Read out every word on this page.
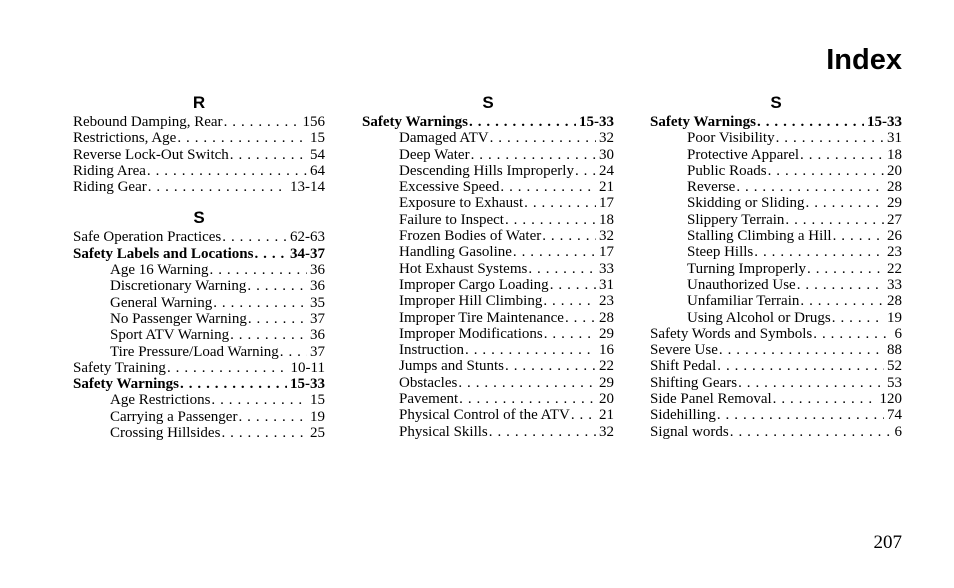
Index
R
Rebound Damping, Rear . . .	156
Restrictions, Age . . .	15
Reverse Lock-Out Switch . . .	54
Riding Area . . .	64
Riding Gear . . .	13-14
S
Safe Operation Practices . . .	62-63
Safety Labels and Locations . . . 34-37
Age 16 Warning . . .	36
Discretionary Warning . . .	36
General Warning . . .	35
No Passenger Warning . . .	37
Sport ATV Warning . . .	36
Tire Pressure/Load Warning . . . 37
Safety Training . . .	10-11
Safety Warnings . . .	15-33
Age Restrictions . . .	15
Carrying a Passenger . . .	19
Crossing Hillsides . . .	25
S
Safety Warnings . . .	15-33
Damaged ATV . . .	32
Deep Water . . .	30
Descending Hills Improperly . . . 24
Excessive Speed . . .	21
Exposure to Exhaust . . .	17
Failure to Inspect . . .	18
Frozen Bodies of Water . . .	32
Handling Gasoline . . .	17
Hot Exhaust Systems . . .	33
Improper Cargo Loading . . .	31
Improper Hill Climbing . . .	23
Improper Tire Maintenance . . . 28
Improper Modifications . . .	29
Instruction . . .	16
Jumps and Stunts . . .	22
Obstacles . . .	29
Pavement . . .	20
Physical Control of the ATV . . . 21
Physical Skills . . .	32
S
Safety Warnings . . .	15-33
Poor Visibility . . .	31
Protective Apparel . . .	18
Public Roads . . .	20
Reverse . . .	28
Skidding or Sliding . . .	29
Slippery Terrain . . .	27
Stalling Climbing a Hill . . .	26
Steep Hills . . .	23
Turning Improperly . . .	22
Unauthorized Use . . .	33
Unfamiliar Terrain . . .	28
Using Alcohol or Drugs . . .	19
Safety Words and Symbols . . .	6
Severe Use . . .	88
Shift Pedal . . .	52
Shifting Gears . . .	53
Side Panel Removal . . .	120
Sidehilling . . .	74
Signal words . . .	6
207
